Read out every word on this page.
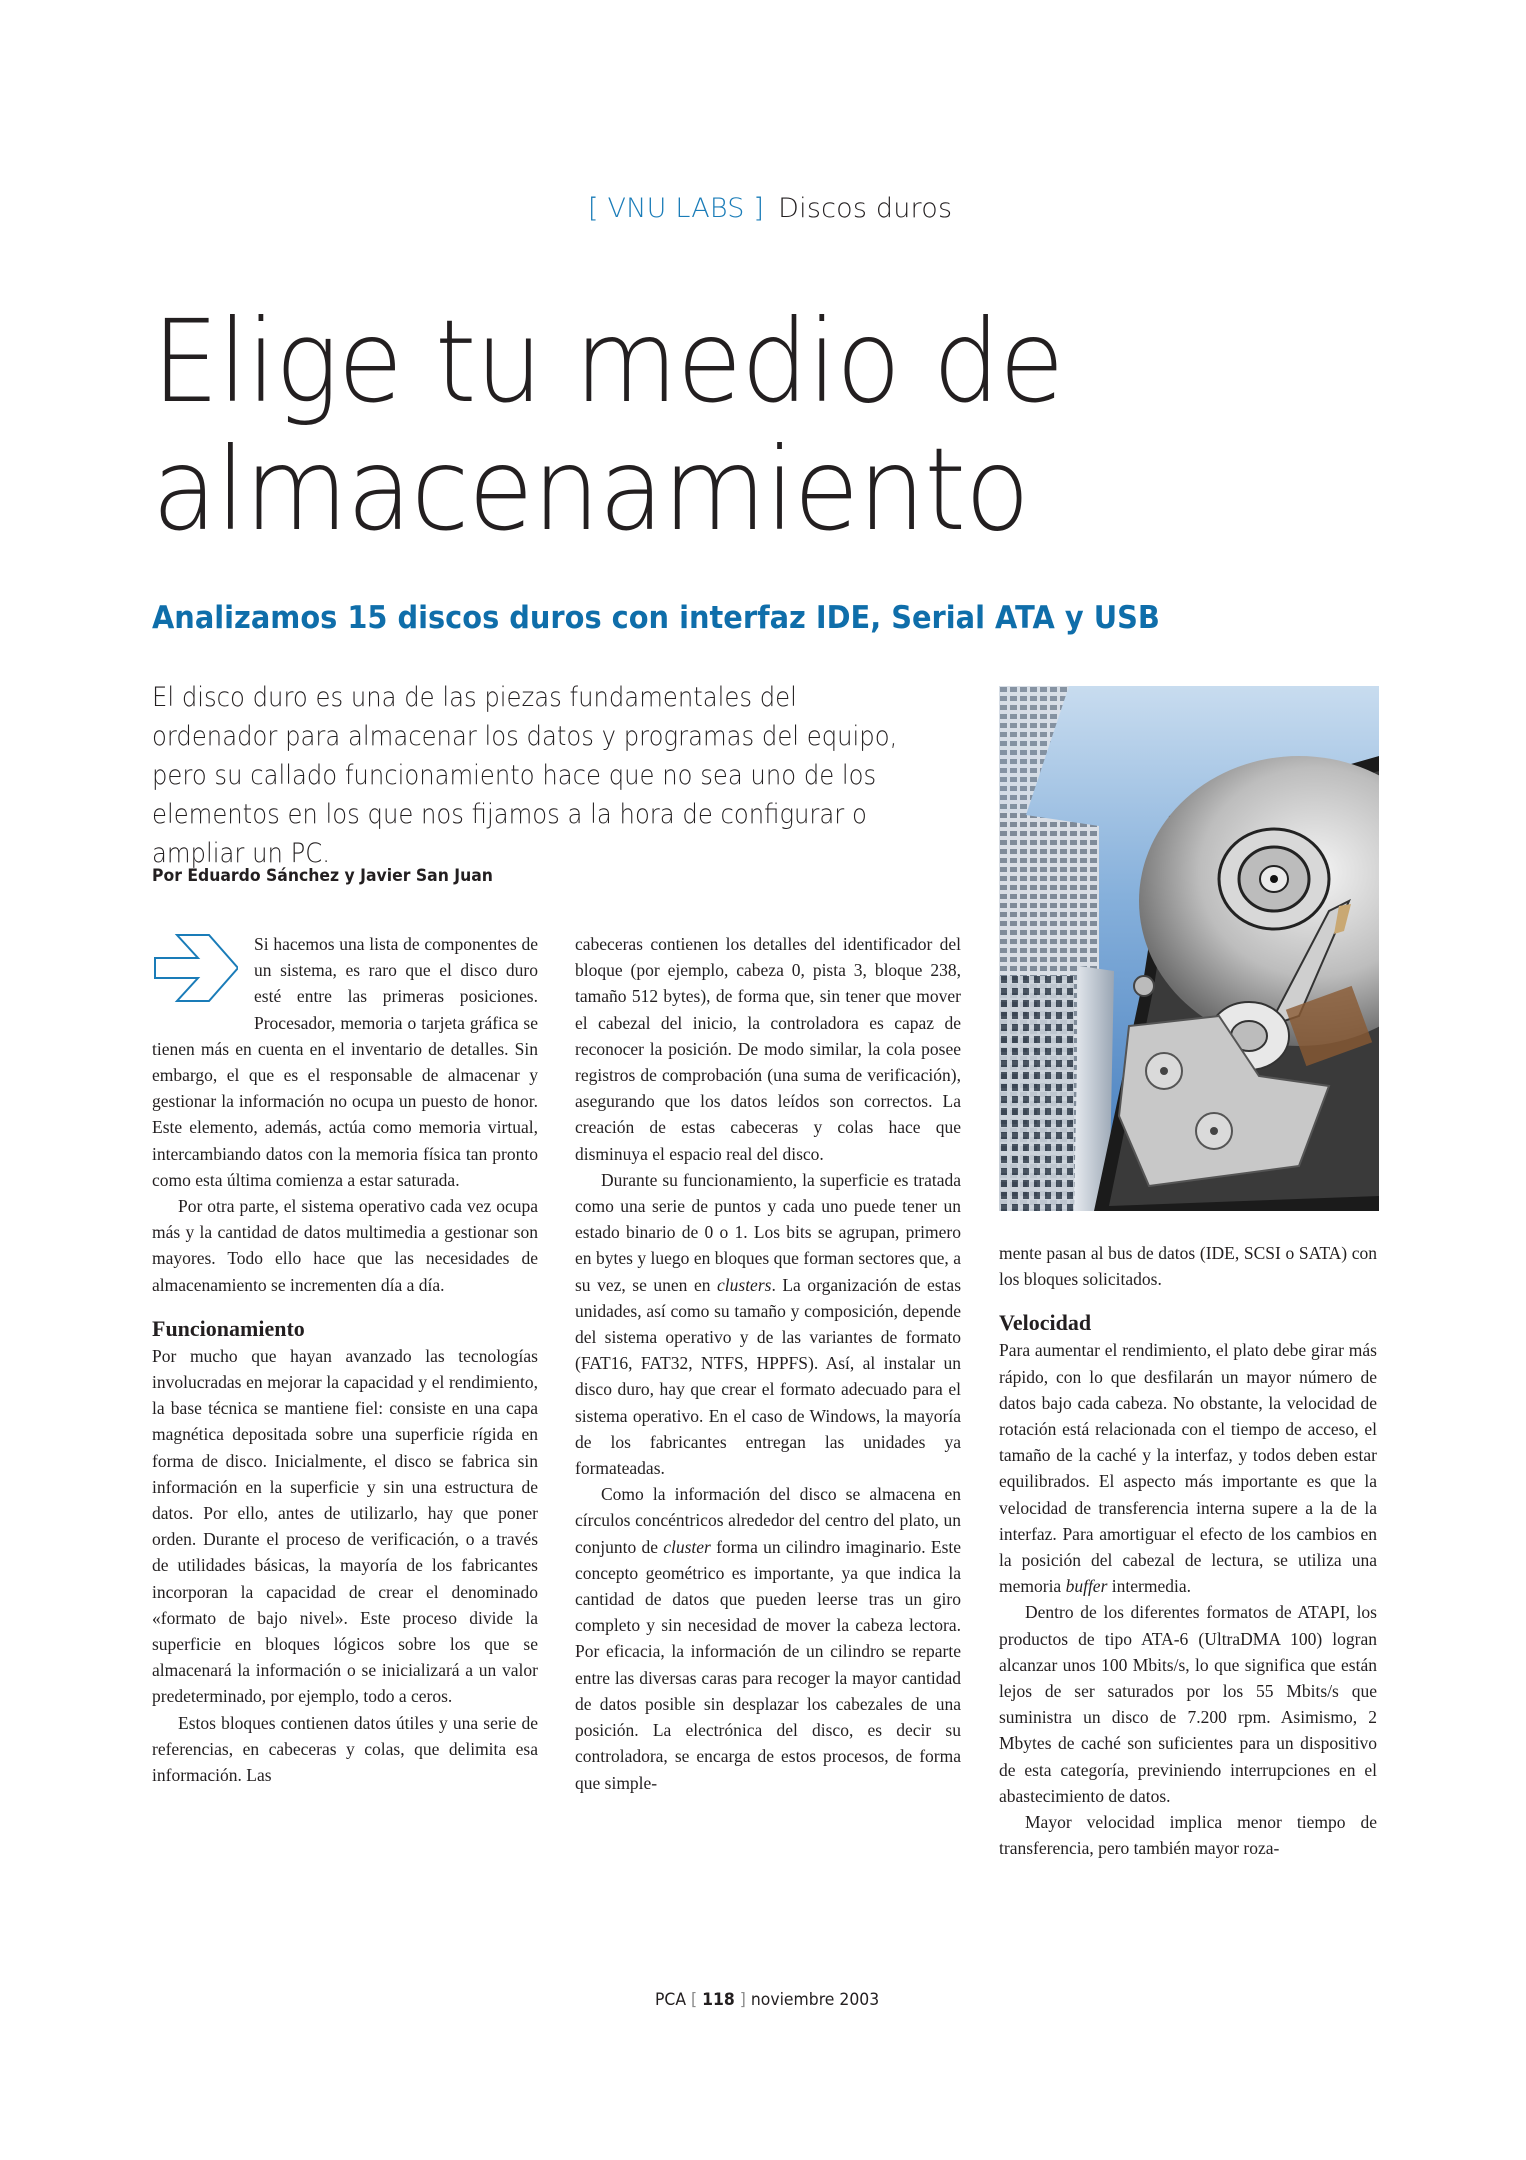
[ VNU LABS ] Discos duros
Elige tu medio de
almacenamiento
Analizamos 15 discos duros con interfaz IDE, Serial ATA y USB
El disco duro es una de las piezas fundamentales del ordenador para almacenar los datos y programas del equipo, pero su callado funcionamiento hace que no sea uno de los elementos en los que nos fijamos a la hora de configurar o ampliar un PC.
Por Eduardo Sánchez y Javier San Juan

Si hacemos una lista de componentes de un sistema, es raro que el disco duro esté entre las primeras posiciones. Procesador, memoria o tarjeta gráfica se tienen más en cuenta en el inventario de detalles. Sin embargo, el que es el responsable de almacenar y gestionar la información no ocupa un puesto de honor. Este elemento, además, actúa como memoria virtual, intercambiando datos con la memoria física tan pronto como esta última comienza a estar saturada.

Por otra parte, el sistema operativo cada vez ocupa más y la cantidad de datos multimedia a gestionar son mayores. Todo ello hace que las necesidades de almacenamiento se incrementen día a día.

Funcionamiento

Por mucho que hayan avanzado las tecnologías involucradas en mejorar la capacidad y el rendimiento, la base técnica se mantiene fiel: consiste en una capa magnética depositada sobre una superficie rígida en forma de disco. Inicialmente, el disco se fabrica sin información en la superficie y sin una estructura de datos. Por ello, antes de utilizarlo, hay que poner orden. Durante el proceso de verificación, o a través de utilidades básicas, la mayoría de los fabricantes incorporan la capacidad de crear el denominado «formato de bajo nivel». Este proceso divide la superficie en bloques lógicos sobre los que se almacenará la información o se inicializará a un valor predeterminado, por ejemplo, todo a ceros.

Estos bloques contienen datos útiles y una serie de referencias, en cabeceras y colas, que delimita esa información. Las

cabeceras contienen los detalles del identificador del bloque (por ejemplo, cabeza 0, pista 3, bloque 238, tamaño 512 bytes), de forma que, sin tener que mover el cabezal del inicio, la controladora es capaz de reconocer la posición. De modo similar, la cola posee registros de comprobación (una suma de verificación), asegurando que los datos leídos son correctos. La creación de estas cabeceras y colas hace que disminuya el espacio real del disco.

Durante su funcionamiento, la superficie es tratada como una serie de puntos y cada uno puede tener un estado binario de 0 o 1. Los bits se agrupan, primero en bytes y luego en bloques que forman sectores que, a su vez, se unen en clusters. La organización de estas unidades, así como su tamaño y composición, depende del sistema operativo y de las variantes de formato (FAT16, FAT32, NTFS, HPPFS). Así, al instalar un disco duro, hay que crear el formato adecuado para el sistema operativo. En el caso de Windows, la mayoría de los fabricantes entregan las unidades ya formateadas.

Como la información del disco se almacena en círculos concéntricos alrededor del centro del plato, un conjunto de cluster forma un cilindro imaginario. Este concepto geométrico es importante, ya que indica la cantidad de datos que pueden leerse tras un giro completo y sin necesidad de mover la cabeza lectora. Por eficacia, la información de un cilindro se reparte entre las diversas caras para recoger la mayor cantidad de datos posible sin desplazar los cabezales de una posición. La electrónica del disco, es decir su controladora, se encarga de estos procesos, de forma que simple-

mente pasan al bus de datos (IDE, SCSI o SATA) con los bloques solicitados.

Velocidad

Para aumentar el rendimiento, el plato debe girar más rápido, con lo que desfilarán un mayor número de datos bajo cada cabeza. No obstante, la velocidad de rotación está relacionada con el tiempo de acceso, el tamaño de la caché y la interfaz, y todos deben estar equilibrados. El aspecto más importante es que la velocidad de transferencia interna supere a la de la interfaz. Para amortiguar el efecto de los cambios en la posición del cabezal de lectura, se utiliza una memoria buffer intermedia.

Dentro de los diferentes formatos de ATAPI, los productos de tipo ATA-6 (UltraDMA 100) logran alcanzar unos 100 Mbits/s, lo que significa que están lejos de ser saturados por los 55 Mbits/s que suministra un disco de 7.200 rpm. Asimismo, 2 Mbytes de caché son suficientes para un dispositivo de esta categoría, previniendo interrupciones en el abastecimiento de datos.

Mayor velocidad implica menor tiempo de transferencia, pero también mayor roza-

PCA [ 118 ] noviembre 2003
